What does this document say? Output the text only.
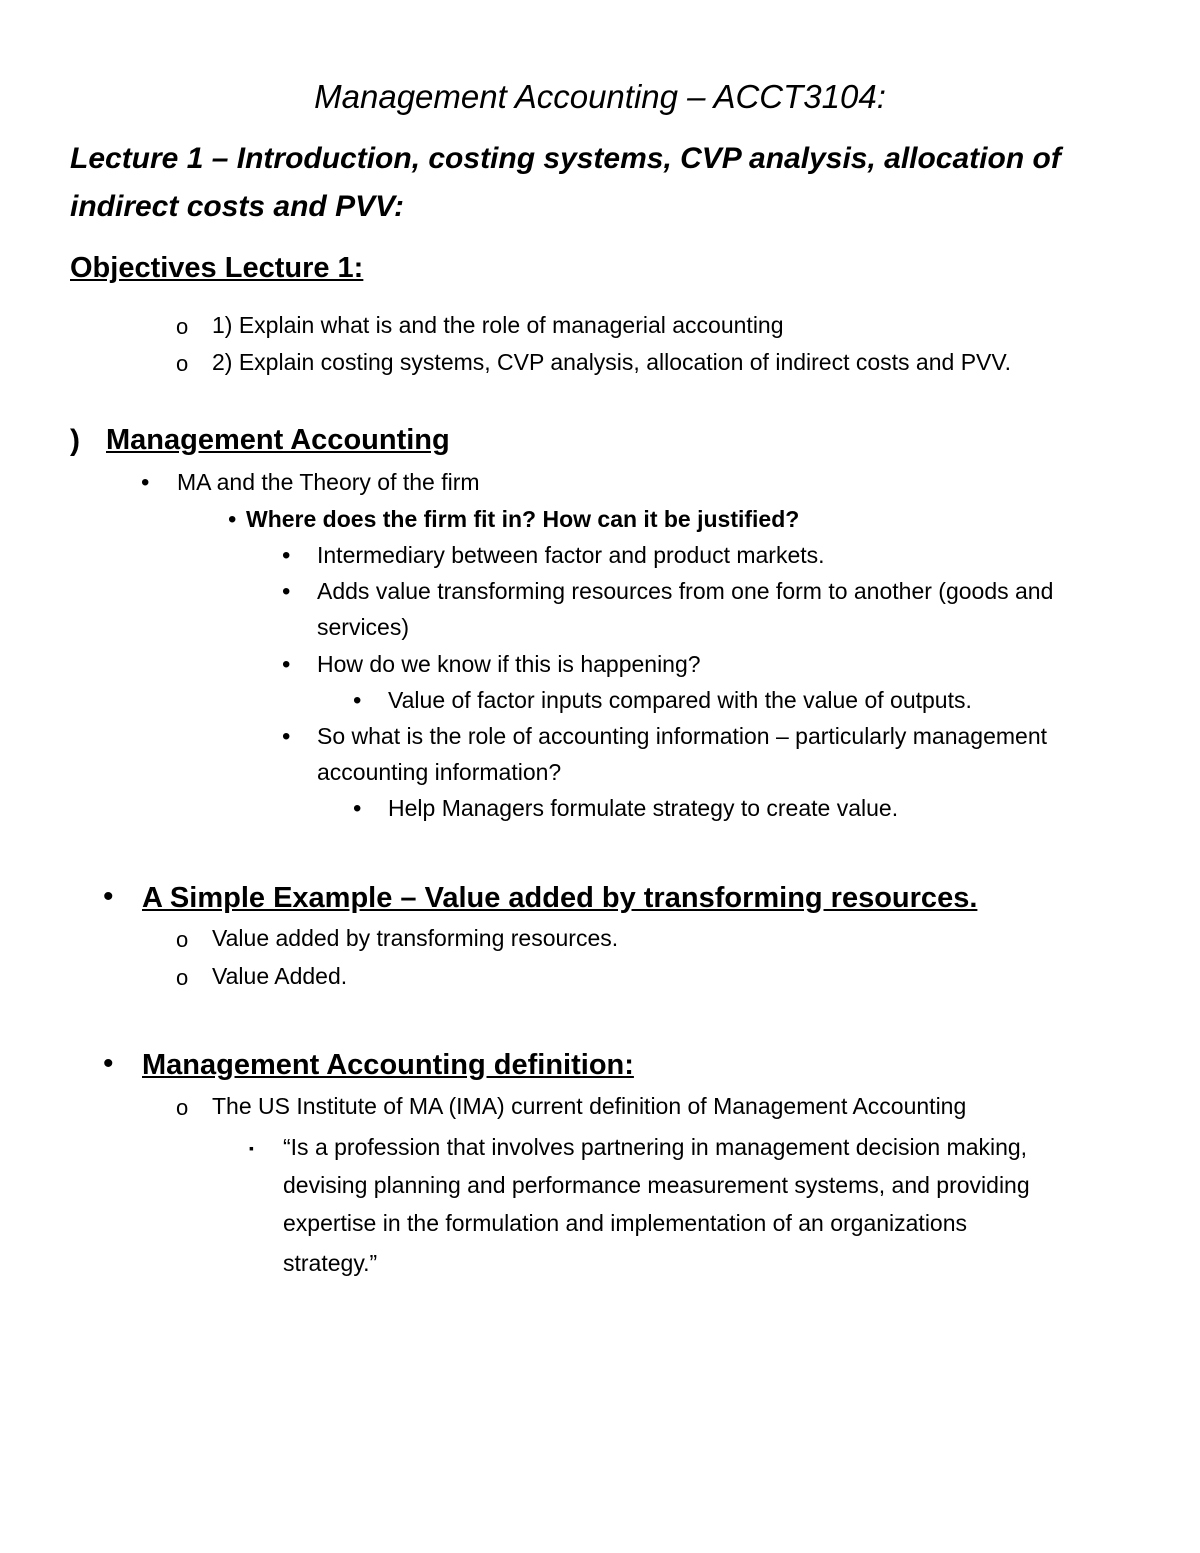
Management Accounting – ACCT3104:
Lecture 1 – Introduction, costing systems, CVP analysis, allocation of
indirect costs and PVV:
Objectives Lecture 1:
o 1) Explain what is and the role of managerial accounting
o 2) Explain costing systems, CVP analysis, allocation of indirect costs and PVV.
) Management Accounting
• MA and the Theory of the firm
• Where does the firm fit in? How can it be justified?
• Intermediary between factor and product markets.
• Adds value transforming resources from one form to another (goods and
services)
• How do we know if this is happening?
• Value of factor inputs compared with the value of outputs.
• So what is the role of accounting information – particularly management
accounting information?
• Help Managers formulate strategy to create value.
• A Simple Example – Value added by transforming resources.
o Value added by transforming resources.
o Value Added.
• Management Accounting definition:
o The US Institute of MA (IMA) current definition of Management Accounting
▪ “Is a profession that involves partnering in management decision making,
devising planning and performance measurement systems, and providing
expertise in the formulation and implementation of an organizations
strategy.”
